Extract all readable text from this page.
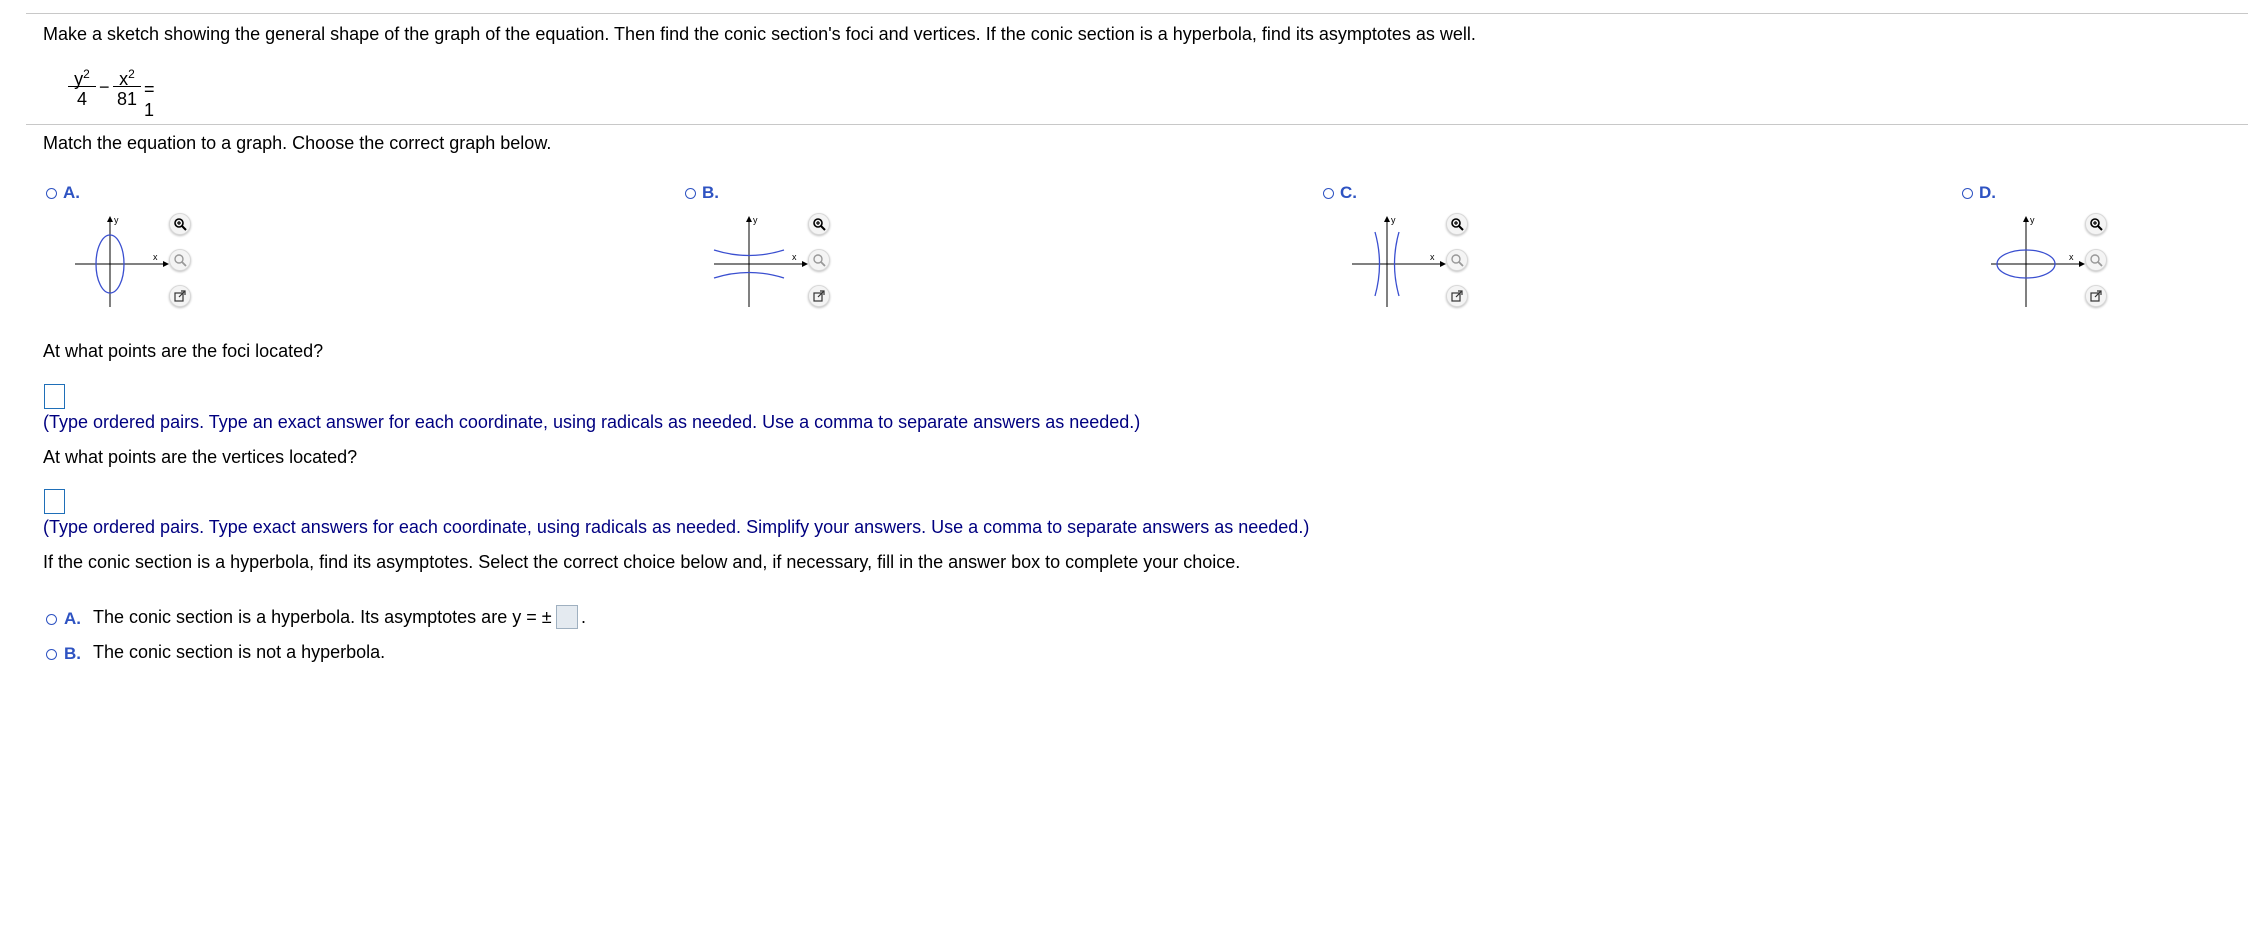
Make a sketch showing the general shape of the graph of the equation. Then find the conic section's foci and vertices. If the conic section is a hyperbola, find its asymptotes as well.
$y^2$
4
− $x^2$
81 = 1
Match the equation to a graph. Choose the correct graph below.
A.
y
x
B.
y
x
C.
y
x
D.
y
x
At what points are the foci located?
(Type ordered pairs. Type an exact answer for each coordinate, using radicals as needed. Use a comma to separate answers as needed.)
At what points are the vertices located?
(Type ordered pairs. Type exact answers for each coordinate, using radicals as needed. Simplify your answers. Use a comma to separate answers as needed.)
If the conic section is a hyperbola, find its asymptotes. Select the correct choice below and, if necessary, fill in the answer box to complete your choice.
A. The conic section is a hyperbola. Its asymptotes are y = ± .
B. The conic section is not a hyperbola.
